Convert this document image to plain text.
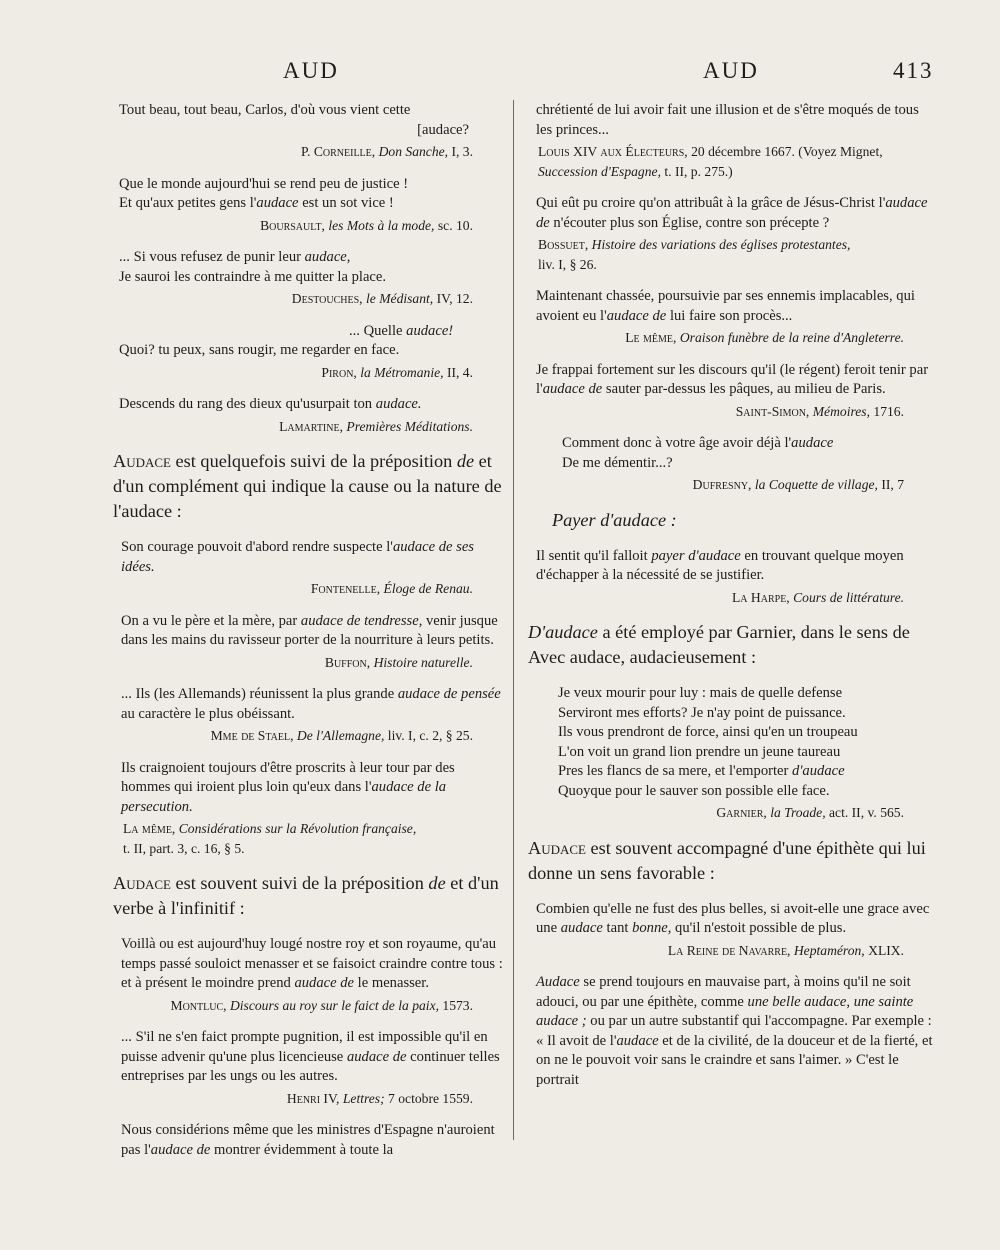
AUD	AUD	413
Tout beau, tout beau, Carlos, d'où vous vient cette
[audace?
P. Corneille, Don Sanche, I, 3.
Que le monde aujourd'hui se rend peu de justice !
Et qu'aux petites gens l'audace est un sot vice !
Boursault, les Mots à la mode, sc. 10.
... Si vous refusez de punir leur audace,
Je sauroi les contraindre à me quitter la place.
Destouches, le Médisant, IV, 12.
... Quelle audace!
Quoi? tu peux, sans rougir, me regarder en face.
Piron, la Métromanie, II, 4.
Descends du rang des dieux qu'usurpait ton audace.
Lamartine, Premières Méditations.
Audace est quelquefois suivi de la préposition de et d'un complément qui indique la cause ou la nature de l'audace :
Son courage pouvoit d'abord rendre suspecte l'audace de ses idées.
Fontenelle, Éloge de Renau.
On a vu le père et la mère, par audace de tendresse, venir jusque dans les mains du ravisseur porter de la nourriture à leurs petits.
Buffon, Histoire naturelle.
... Ils (les Allemands) réunissent la plus grande audace de pensée au caractère le plus obéissant.
Mme de Stael, De l'Allemagne, liv. I, c. 2, § 25.
Ils craignoient toujours d'être proscrits à leur tour par des hommes qui iroient plus loin qu'eux dans l'audace de la persecution.
La même, Considérations sur la Révolution française,
t. II, part. 3, c. 16, § 5.
Audace est souvent suivi de la préposition de et d'un verbe à l'infinitif :
Voillà ou est aujourd'huy lougé nostre roy et son royaume, qu'au temps passé souloict menasser et se faisoict craindre contre tous : et à présent le moindre prend audace de le menasser.
Montluc, Discours au roy sur le faict de la paix, 1573.
... S'il ne s'en faict prompte pugnition, il est impossible qu'il en puisse advenir qu'une plus licencieuse audace de continuer telles entreprises par les ungs ou les autres.
Henri IV, Lettres; 7 octobre 1559.
Nous considérions même que les ministres d'Espagne n'auroient pas l'audace de montrer évidemment à toute la
chrétienté de lui avoir fait une illusion et de s'être moqués de tous les princes...
Louis XIV aux Électeurs, 20 décembre 1667. (Voyez Mignet,
Succession d'Espagne, t. II, p. 275.)
Qui eût pu croire qu'on attribuât à la grâce de Jésus-Christ l'audace de n'écouter plus son Église, contre son précepte ?
Bossuet, Histoire des variations des églises protestantes,
liv. I, § 26.
Maintenant chassée, poursuivie par ses ennemis implacables, qui avoient eu l'audace de lui faire son procès...
Le même, Oraison funèbre de la reine d'Angleterre.
Je frappai fortement sur les discours qu'il (le régent) feroit tenir par l'audace de sauter par-dessus les pâques, au milieu de Paris.
Saint-Simon, Mémoires, 1716.
Comment donc à votre âge avoir déjà l'audace
De me démentir...?
Dufresny, la Coquette de village, II, 7
Payer d'audace :
Il sentit qu'il falloit payer d'audace en trouvant quelque moyen d'échapper à la nécessité de se justifier.
La Harpe, Cours de littérature.
D'audace a été employé par Garnier, dans le sens de Avec audace, audacieusement :
Je veux mourir pour luy : mais de quelle defense
Serviront mes efforts? Je n'ay point de puissance.
Ils vous prendront de force, ainsi qu'en un troupeau
L'on voit un grand lion prendre un jeune taureau
Pres les flancs de sa mere, et l'emporter d'audace
Quoyque pour le sauver son possible elle face.
Garnier, la Troade, act. II, v. 565.
Audace est souvent accompagné d'une épithète qui lui donne un sens favorable :
Combien qu'elle ne fust des plus belles, si avoit-elle une grace avec une audace tant bonne, qu'il n'estoit possible de plus.
La Reine de Navarre, Heptaméron, XLIX.
Audace se prend toujours en mauvaise part, à moins qu'il ne soit adouci, ou par une épithète, comme une belle audace, une sainte audace ; ou par un autre substantif qui l'accompagne. Par exemple : « Il avoit de l'audace et de la civilité, de la douceur et de la fierté, et on ne le pouvoit voir sans le craindre et sans l'aimer. » C'est le portrait
